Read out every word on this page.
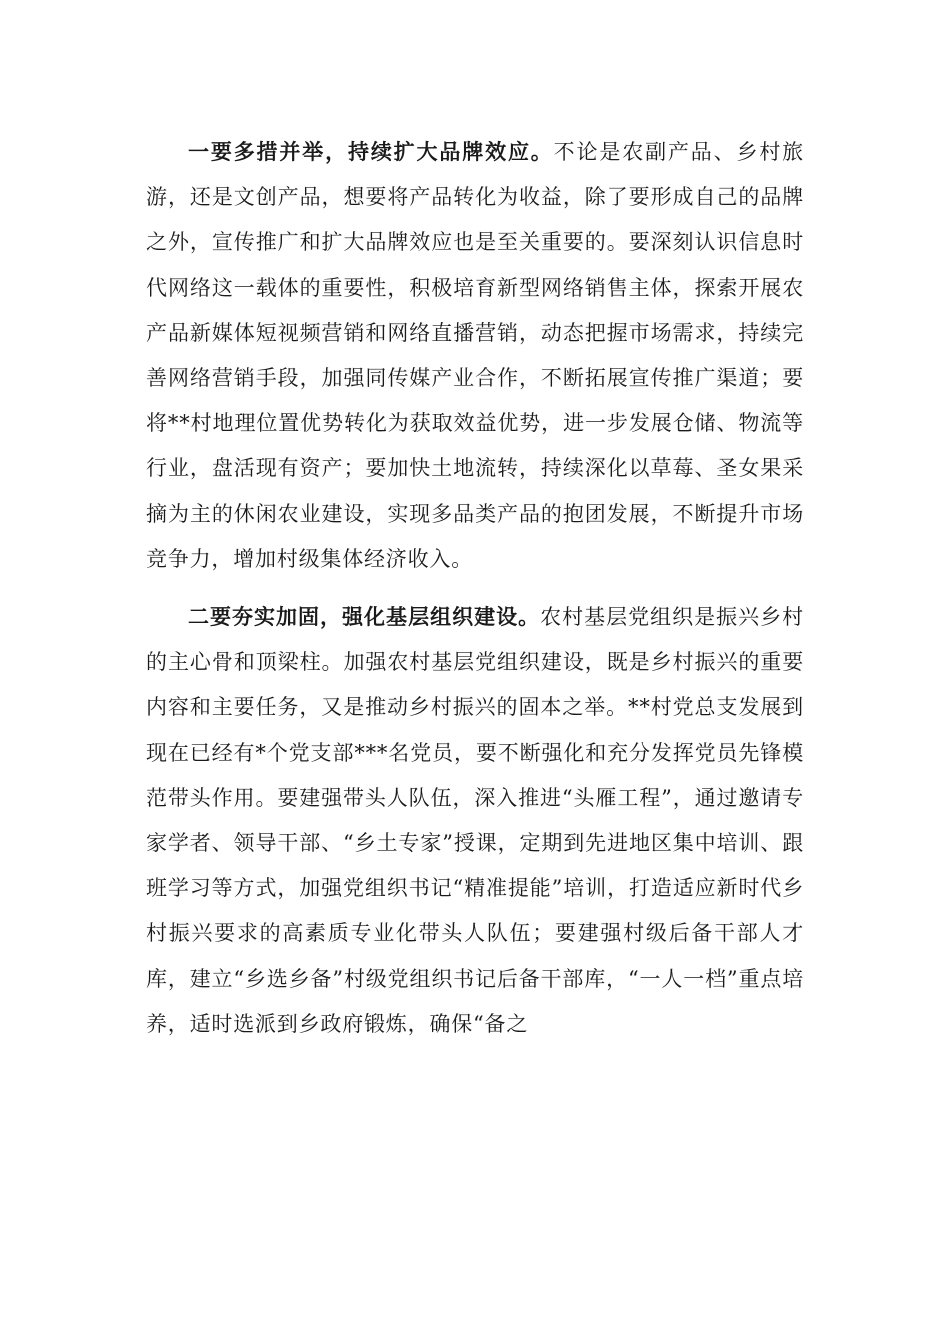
一要多措并举，持续扩大品牌效应。不论是农副产品、乡村旅游，还是文创产品，想要将产品转化为收益，除了要形成自己的品牌之外，宣传推广和扩大品牌效应也是至关重要的。要深刻认识信息时代网络这一载体的重要性，积极培育新型网络销售主体，探索开展农产品新媒体短视频营销和网络直播营销，动态把握市场需求，持续完善网络营销手段，加强同传媒产业合作，不断拓展宣传推广渠道；要将**村地理位置优势转化为获取效益优势，进一步发展仓储、物流等行业，盘活现有资产；要加快土地流转，持续深化以草莓、圣女果采摘为主的休闲农业建设，实现多品类产品的抱团发展，不断提升市场竞争力，增加村级集体经济收入。

二要夯实加固，强化基层组织建设。农村基层党组织是振兴乡村的主心骨和顶梁柱。加强农村基层党组织建设，既是乡村振兴的重要内容和主要任务，又是推动乡村振兴的固本之举。**村党总支发展到现在已经有*个党支部***名党员，要不断强化和充分发挥党员先锋模范带头作用。要建强带头人队伍，深入推进“头雁工程”，通过邀请专家学者、领导干部、“乡土专家”授课，定期到先进地区集中培训、跟班学习等方式，加强党组织书记“精准提能”培训，打造适应新时代乡村振兴要求的高素质专业化带头人队伍；要建强村级后备干部人才库，建立“乡选乡备”村级党组织书记后备干部库，“一人一档”重点培养，适时选派到乡政府锻炼，确保“备之
